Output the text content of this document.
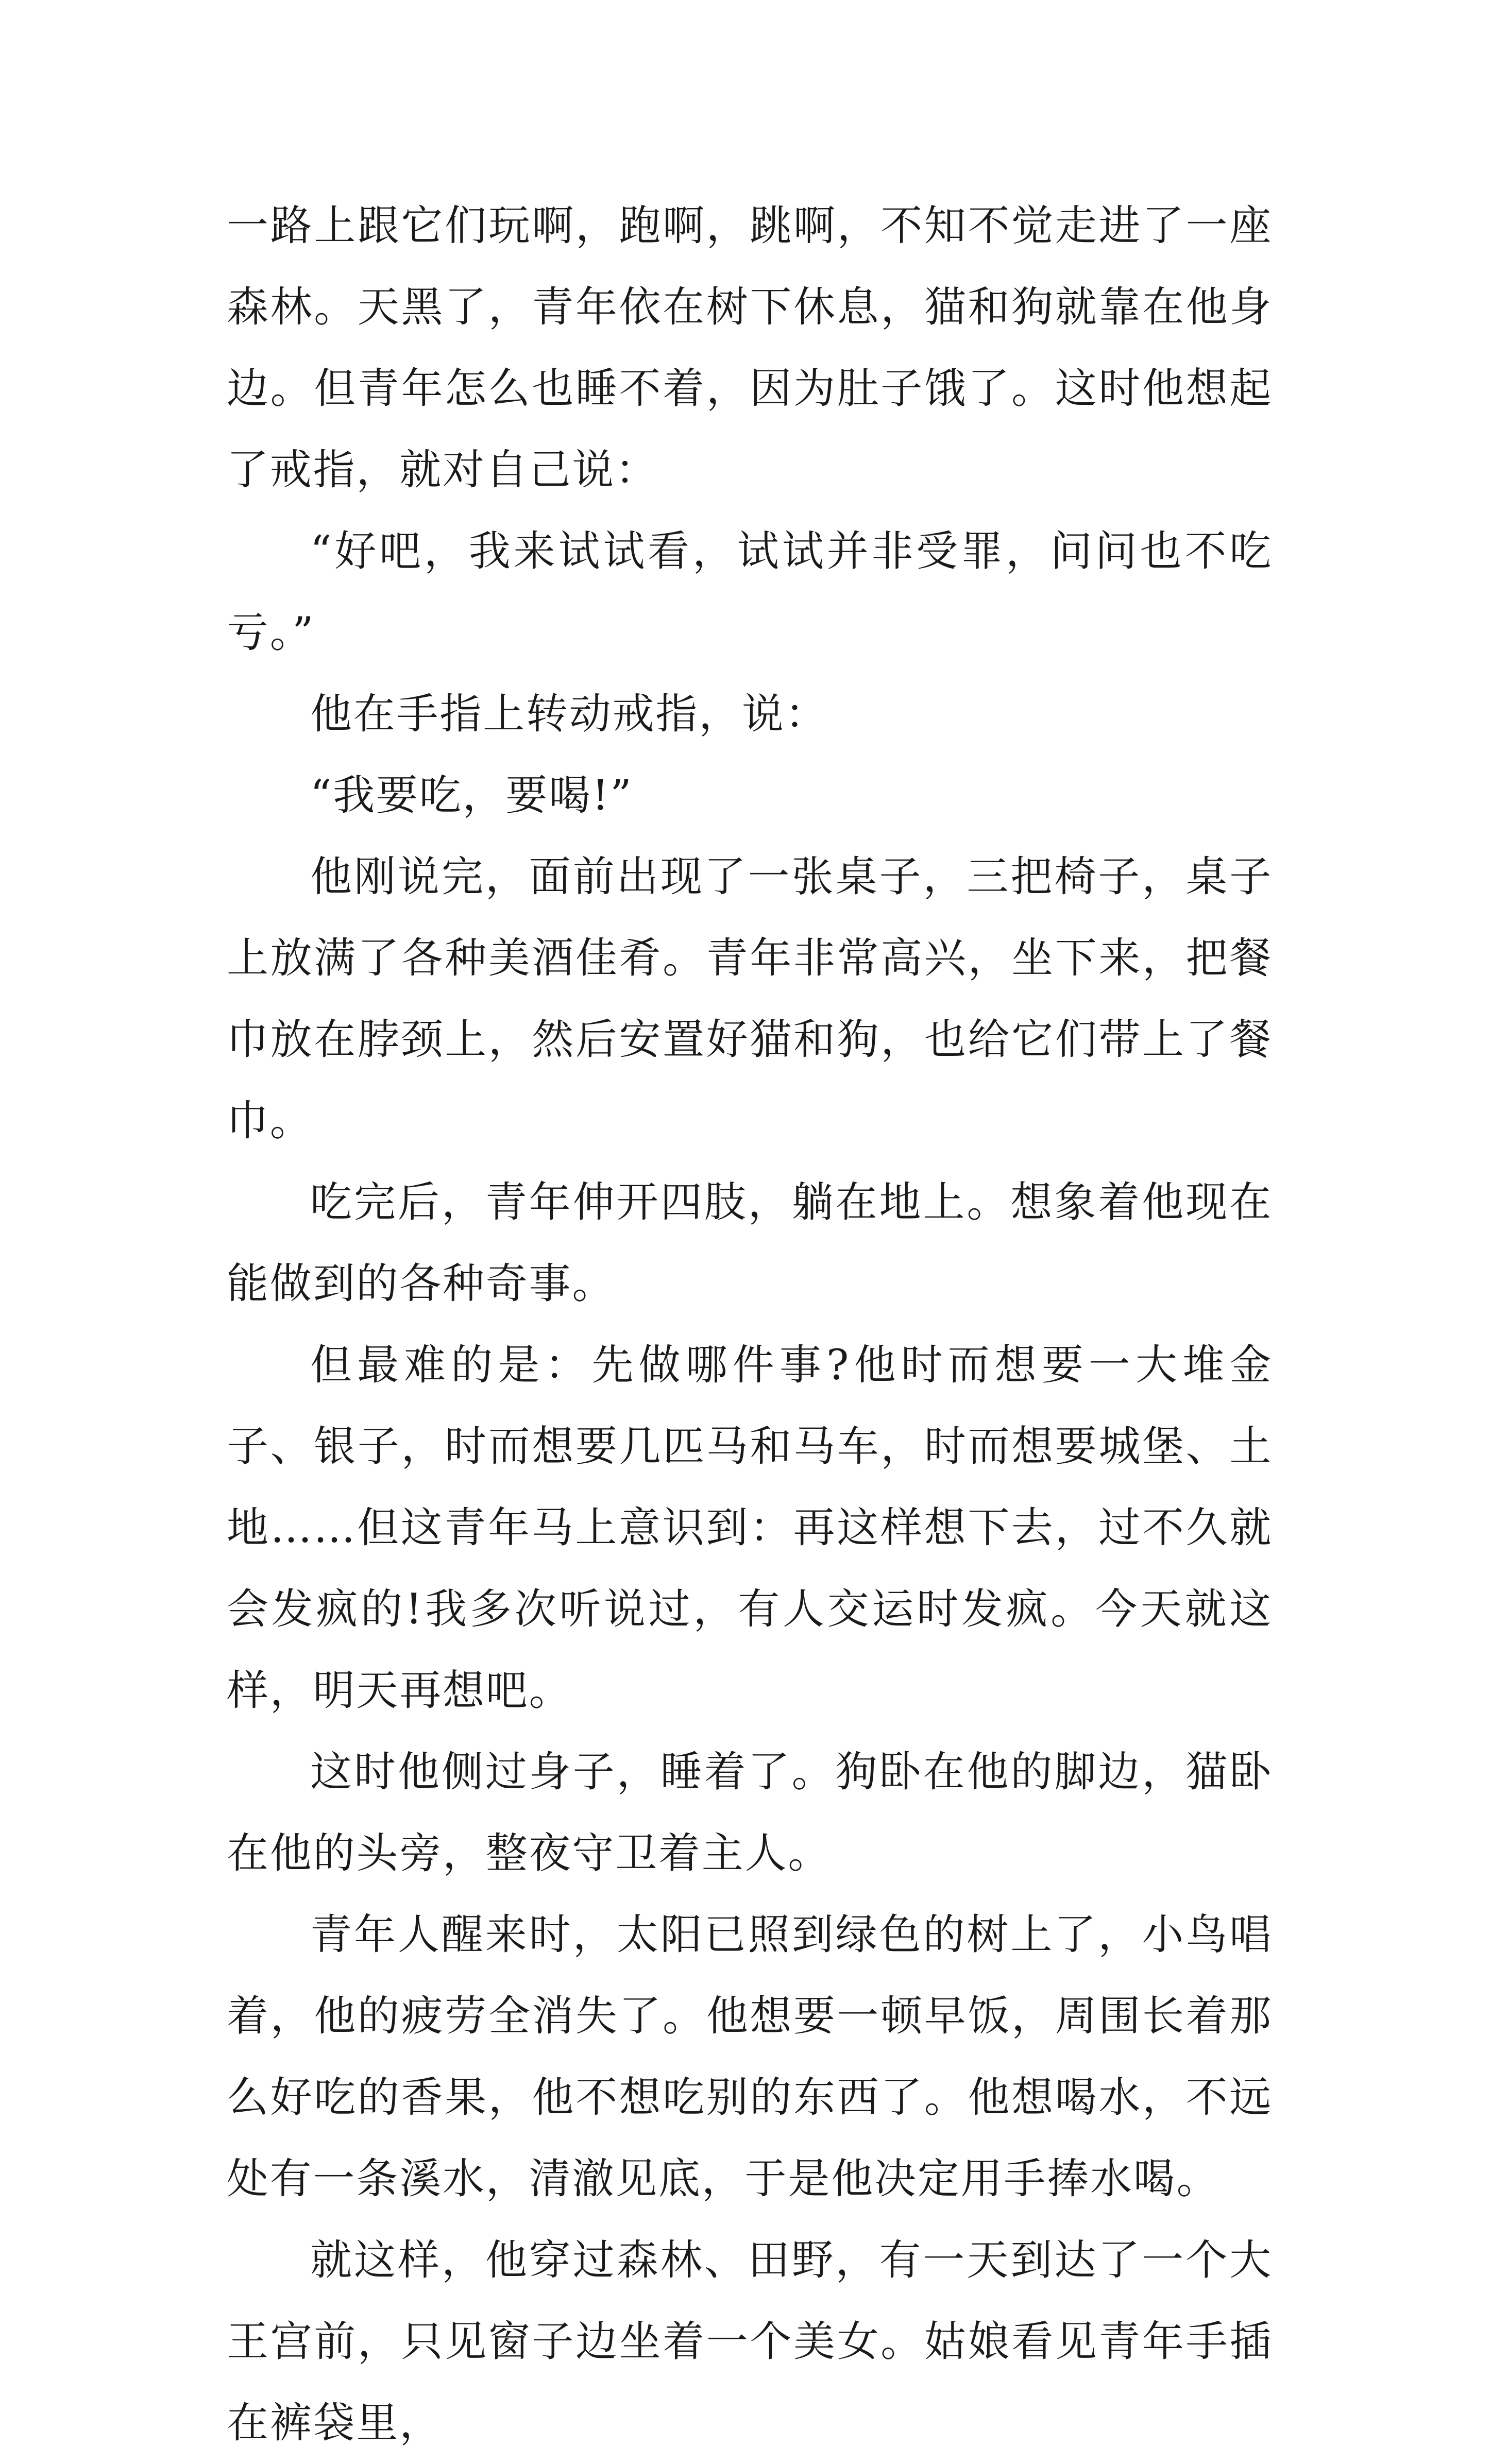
一路上跟它们玩啊，跑啊，跳啊，不知不觉走进了一座森林。天黑了，青年依在树下休息，猫和狗就靠在他身边。但青年怎么也睡不着，因为肚子饿了。这时他想起了戒指，就对自己说：

“好吧，我来试试看，试试并非受罪，问问也不吃亏。”

他在手指上转动戒指，说：

“我要吃，要喝!”

他刚说完，面前出现了一张桌子，三把椅子，桌子上放满了各种美酒佳肴。青年非常高兴，坐下来，把餐巾放在脖颈上，然后安置好猫和狗，也给它们带上了餐巾。

吃完后，青年伸开四肢，躺在地上。想象着他现在能做到的各种奇事。

但最难的是：先做哪件事?他时而想要一大堆金子、银子，时而想要几匹马和马车，时而想要城堡、土地……但这青年马上意识到：再这样想下去，过不久就会发疯的!我多次听说过，有人交运时发疯。今天就这样，明天再想吧。

这时他侧过身子，睡着了。狗卧在他的脚边，猫卧在他的头旁，整夜守卫着主人。

青年人醒来时，太阳已照到绿色的树上了，小鸟唱着，他的疲劳全消失了。他想要一顿早饭，周围长着那么好吃的香果，他不想吃别的东西了。他想喝水，不远处有一条溪水，清澈见底，于是他决定用手捧水喝。

就这样，他穿过森林、田野，有一天到达了一个大王宫前，只见窗子边坐着一个美女。姑娘看见青年手插在裤袋里，
